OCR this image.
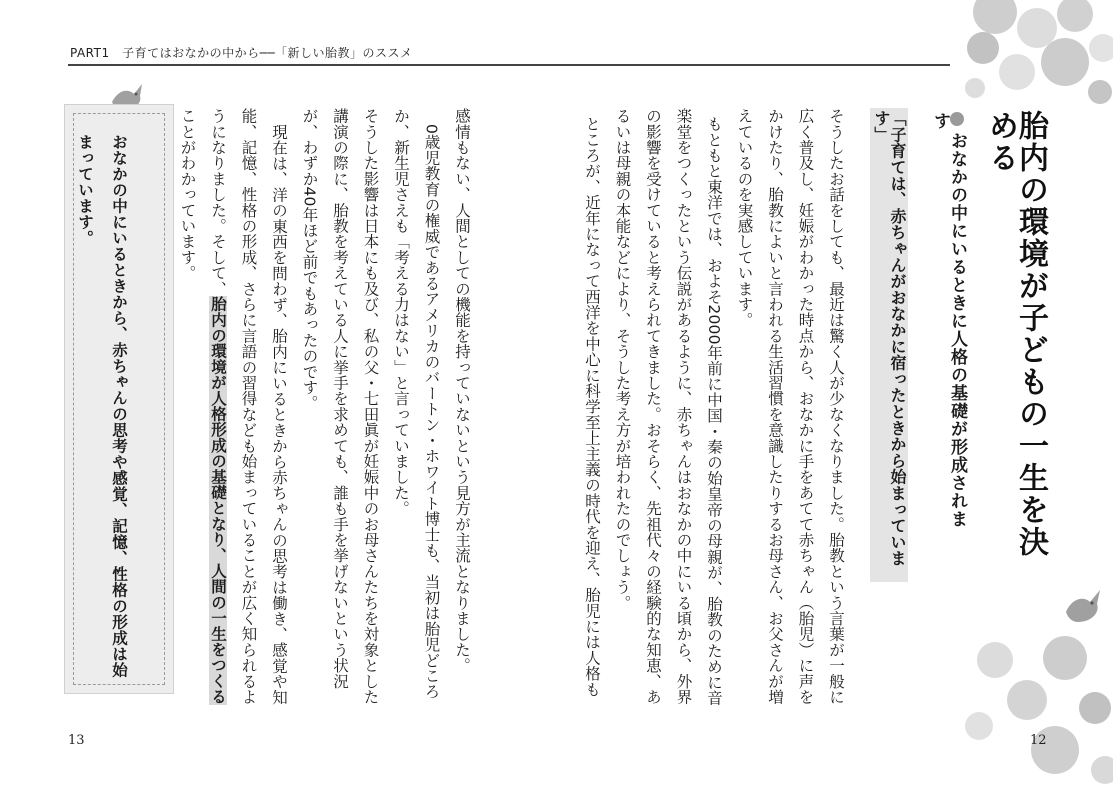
PART1　子育てはおなかの中から──「新しい胎教」のススメ
胎内の環境が子どもの一生を決める
おなかの中にいるときに人格の基礎が形成されます
「子育ては、赤ちゃんがおなかに宿ったときから始まっています」

そうしたお話をしても、最近は驚く人が少なくなりました。胎教という言葉が一般に広く普及し、妊娠がわかった時点から、おなかに手をあてて赤ちゃん（胎児）に声をかけたり、胎教によいと言われる生活習慣を意識したりするお母さん、お父さんが増えているのを実感しています。

もともと東洋では、およそ2000年前に中国・秦の始皇帝の母親が、胎教のために音楽堂をつくったという伝説があるように、赤ちゃんはおなかの中にいる頃から、外界の影響を受けていると考えられてきました。おそらく、先祖代々の経験的な知恵、あるいは母親の本能などにより、そうした考え方が培われたのでしょう。

ところが、近年になって西洋を中心に科学至上主義の時代を迎え、胎児には人格も

感情もない、人間としての機能を持っていないという見方が主流となりました。

0歳児教育の権威であるアメリカのバートン・ホワイト博士も、当初は胎児どころか、新生児さえも「考える力はない」と言っていました。

そうした影響は日本にも及び、私の父・七田眞が妊娠中のお母さんたちを対象とした講演の際に、胎教を考えている人に挙手を求めても、誰も手を挙げないという状況が、わずか40年ほど前でもあったのです。

現在は、洋の東西を問わず、胎内にいるときから赤ちゃんの思考は働き、感覚や知能、記憶、性格の形成、さらに言語の習得なども始まっていることが広く知られるようになりました。そして、胎内の環境が人格形成の基礎となり、人間の一生をつくることがわかっています。

おなかの中にいるときから、赤ちゃんの思考や感覚、記憶、性格の形成は始まっています。
13	12
